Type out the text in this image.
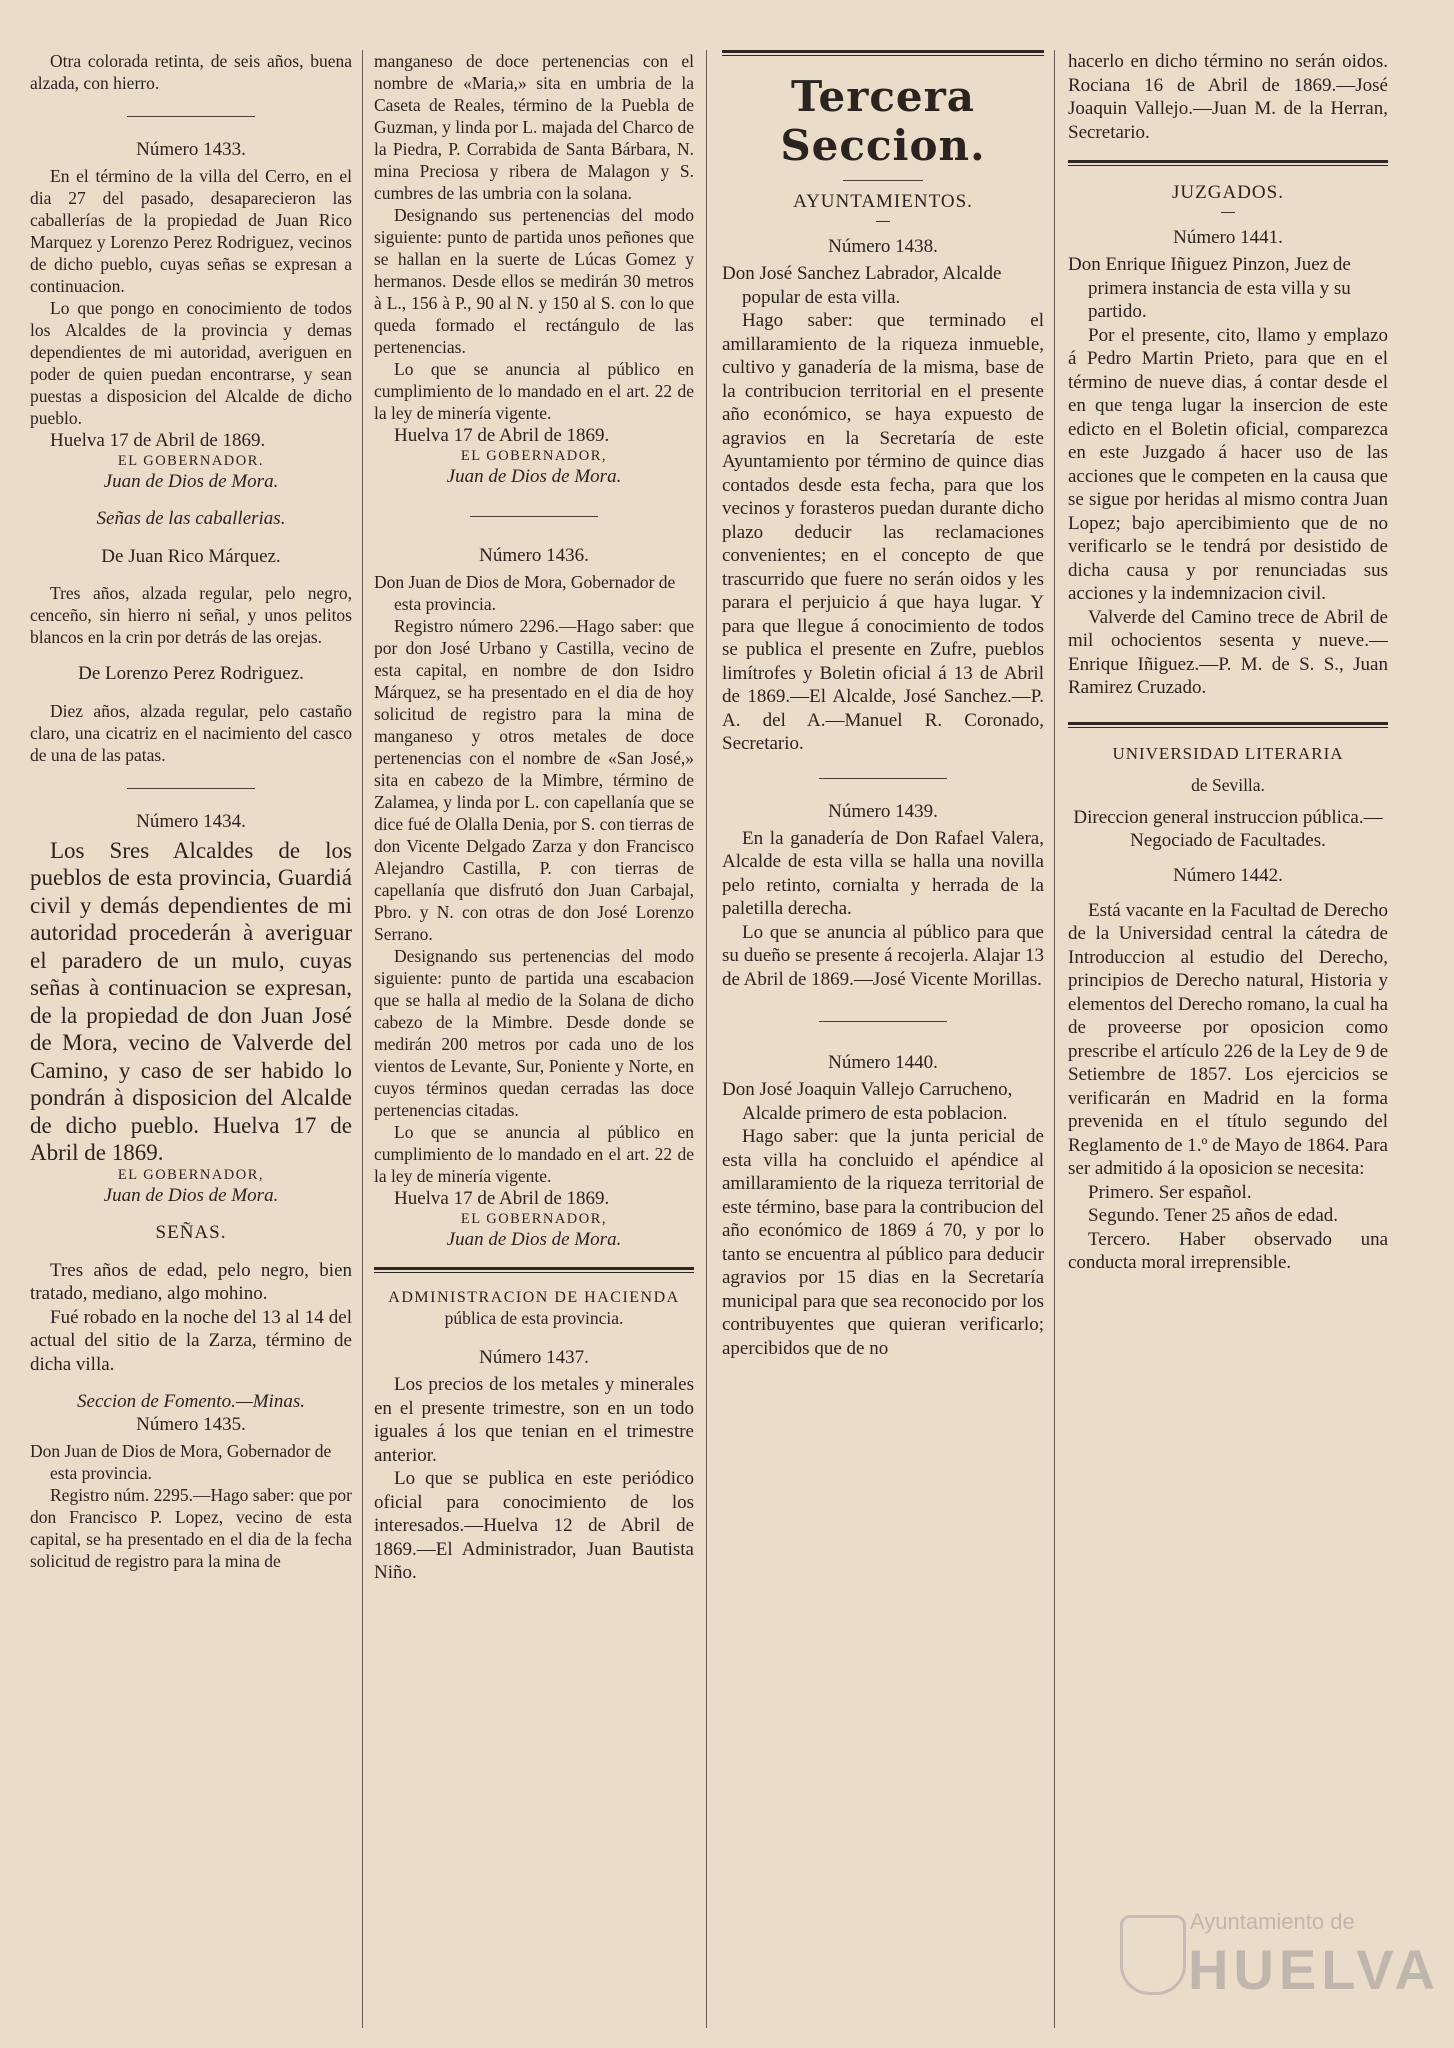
Otra colorada retinta, de seis años, buena alzada, con hierro.

Número 1433.

En el término de la villa del Cerro, en el dia 27 del pasado, desaparecieron las caballerías de la propiedad de Juan Rico Marquez y Lorenzo Perez Rodriguez, vecinos de dicho pueblo, cuyas señas se expresan a continuacion.

Lo que pongo en conocimiento de todos los Alcaldes de la provincia y demas dependientes de mi autoridad, averiguen en poder de quien puedan encontrarse, y sean puestas a disposicion del Alcalde de dicho pueblo.

Huelva 17 de Abril de 1869.

EL GOBERNADOR.
Juan de Dios de Mora.
Señas de las caballerias.
De Juan Rico Márquez.

Tres años, alzada regular, pelo negro, cenceño, sin hierro ni señal, y unos pelitos blancos en la crin por detrás de las orejas.

De Lorenzo Perez Rodriguez.

Diez años, alzada regular, pelo castaño claro, una cicatriz en el nacimiento del casco de una de las patas.

Número 1434.

Los Sres Alcaldes de los pueblos de esta provincia, Guardiá civil y demás dependientes de mi autoridad procederán à averiguar el paradero de un mulo, cuyas señas à continuacion se expresan, de la propiedad de don Juan José de Mora, vecino de Valverde del Camino, y caso de ser habido lo pondrán à disposicion del Alcalde de dicho pueblo. Huelva 17 de Abril de 1869.

EL GOBERNADOR,
Juan de Dios de Mora.
SEÑAS.

Tres años de edad, pelo negro, bien tratado, mediano, algo mohino.

Fué robado en la noche del 13 al 14 del actual del sitio de la Zarza, término de dicha villa.

Seccion de Fomento.—Minas.
Número 1435.

Don Juan de Dios de Mora, Gobernador de esta provincia.

Registro núm. 2295.—Hago saber: que por don Francisco P. Lopez, vecino de esta capital, se ha presentado en el dia de la fecha solicitud de registro para la mina de

manganeso de doce pertenencias con el nombre de «Maria,» sita en umbria de la Caseta de Reales, término de la Puebla de Guzman, y linda por L. majada del Charco de la Piedra, P. Corrabida de Santa Bárbara, N. mina Preciosa y ribera de Malagon y S. cumbres de las umbria con la solana.

Designando sus pertenencias del modo siguiente: punto de partida unos peñones que se hallan en la suerte de Lúcas Gomez y hermanos. Desde ellos se medirán 30 metros à L., 156 à P., 90 al N. y 150 al S. con lo que queda formado el rectángulo de las pertenencias.

Lo que se anuncia al público en cumplimiento de lo mandado en el art. 22 de la ley de minería vigente.

Huelva 17 de Abril de 1869.

EL GOBERNADOR,
Juan de Dios de Mora.
Número 1436.

Don Juan de Dios de Mora, Gobernador de esta provincia.

Registro número 2296.—Hago saber: que por don José Urbano y Castilla, vecino de esta capital, en nombre de don Isidro Márquez, se ha presentado en el dia de hoy solicitud de registro para la mina de manganeso y otros metales de doce pertenencias con el nombre de «San José,» sita en cabezo de la Mimbre, término de Zalamea, y linda por L. con capellanía que se dice fué de Olalla Denia, por S. con tierras de don Vicente Delgado Zarza y don Francisco Alejandro Castilla, P. con tierras de capellanía que disfrutó don Juan Carbajal, Pbro. y N. con otras de don José Lorenzo Serrano.

Designando sus pertenencias del modo siguiente: punto de partida una escabacion que se halla al medio de la Solana de dicho cabezo de la Mimbre. Desde donde se medirán 200 metros por cada uno de los vientos de Levante, Sur, Poniente y Norte, en cuyos términos quedan cerradas las doce pertenencias citadas.

Lo que se anuncia al público en cumplimiento de lo mandado en el art. 22 de la ley de minería vigente.

Huelva 17 de Abril de 1869.

EL GOBERNADOR,
Juan de Dios de Mora.
ADMINISTRACION DE HACIENDA
pública de esta provincia.
Número 1437.

Los precios de los metales y minerales en el presente trimestre, son en un todo iguales á los que tenian en el trimestre anterior.

Lo que se publica en este periódico oficial para conocimiento de los interesados.—Huelva 12 de Abril de 1869.—El Administrador, Juan Bautista Niño.

Tercera Seccion.
AYUNTAMIENTOS.
Número 1438.

Don José Sanchez Labrador, Alcalde popular de esta villa.

Hago saber: que terminado el amillaramiento de la riqueza inmueble, cultivo y ganadería de la misma, base de la contribucion territorial en el presente año económico, se haya expuesto de agravios en la Secretaría de este Ayuntamiento por término de quince dias contados desde esta fecha, para que los vecinos y forasteros puedan durante dicho plazo deducir las reclamaciones convenientes; en el concepto de que trascurrido que fuere no serán oidos y les parara el perjuicio á que haya lugar. Y para que llegue á conocimiento de todos se publica el presente en Zufre, pueblos limítrofes y Boletin oficial á 13 de Abril de 1869.—El Alcalde, José Sanchez.—P. A. del A.—Manuel R. Coronado, Secretario.

Número 1439.

En la ganadería de Don Rafael Valera, Alcalde de esta villa se halla una novilla pelo retinto, cornialta y herrada de la paletilla derecha.

Lo que se anuncia al público para que su dueño se presente á recojerla. Alajar 13 de Abril de 1869.—José Vicente Morillas.

Número 1440.

Don José Joaquin Vallejo Carrucheno, Alcalde primero de esta poblacion.

Hago saber: que la junta pericial de esta villa ha concluido el apéndice al amillaramiento de la riqueza territorial de este término, base para la contribucion del año económico de 1869 á 70, y por lo tanto se encuentra al público para deducir agravios por 15 dias en la Secretaría municipal para que sea reconocido por los contribuyentes que quieran verificarlo; apercibidos que de no

hacerlo en dicho término no serán oidos. Rociana 16 de Abril de 1869.—José Joaquin Vallejo.—Juan M. de la Herran, Secretario.

JUZGADOS.
Número 1441.

Don Enrique Iñiguez Pinzon, Juez de primera instancia de esta villa y su partido.

Por el presente, cito, llamo y emplazo á Pedro Martin Prieto, para que en el término de nueve dias, á contar desde el en que tenga lugar la insercion de este edicto en el Boletin oficial, comparezca en este Juzgado á hacer uso de las acciones que le competen en la causa que se sigue por heridas al mismo contra Juan Lopez; bajo apercibimiento que de no verificarlo se le tendrá por desistido de dicha causa y por renunciadas sus acciones y la indemnizacion civil.

Valverde del Camino trece de Abril de mil ochocientos sesenta y nueve.—Enrique Iñiguez.—P. M. de S. S., Juan Ramirez Cruzado.

UNIVERSIDAD LITERARIA
de Sevilla.

Direccion general instruccion pública.—Negociado de Facultades.

Número 1442.

Está vacante en la Facultad de Derecho de la Universidad central la cátedra de Introduccion al estudio del Derecho, principios de Derecho natural, Historia y elementos del Derecho romano, la cual ha de proveerse por oposicion como prescribe el artículo 226 de la Ley de 9 de Setiembre de 1857. Los ejercicios se verificarán en Madrid en la forma prevenida en el título segundo del Reglamento de 1.º de Mayo de 1864. Para ser admitido á la oposicion se necesita:

Primero. Ser español.

Segundo. Tener 25 años de edad.

Tercero. Haber observado una conducta moral irreprensible.

Ayuntamiento de
HUELVA
